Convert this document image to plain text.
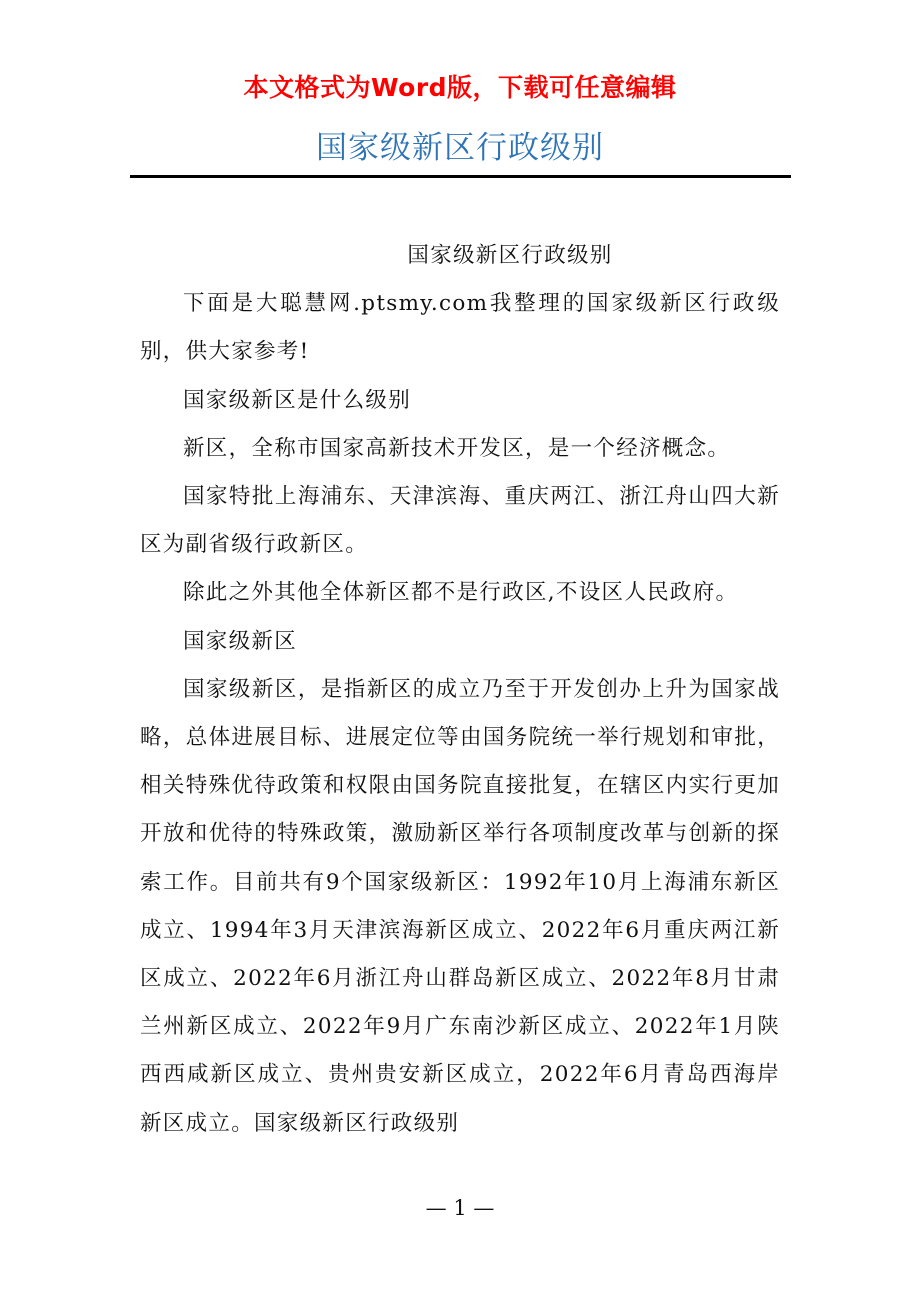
本文格式为Word版，下载可任意编辑
国家级新区行政级别

国家级新区行政级别

下面是大聪慧网.ptsmy.com我整理的国家级新区行政级别，供大家参考!

国家级新区是什么级别

新区，全称市国家高新技术开发区，是一个经济概念。

国家特批上海浦东、天津滨海、重庆两江、浙江舟山四大新区为副省级行政新区。

除此之外其他全体新区都不是行政区,不设区人民政府。

国家级新区

国家级新区，是指新区的成立乃至于开发创办上升为国家战略，总体进展目标、进展定位等由国务院统一举行规划和审批，相关特殊优待政策和权限由国务院直接批复，在辖区内实行更加开放和优待的特殊政策，激励新区举行各项制度改革与创新的探索工作。目前共有9个国家级新区：1992年10月上海浦东新区成立、1994年3月天津滨海新区成立、2022年6月重庆两江新区成立、2022年6月浙江舟山群岛新区成立、2022年8月甘肃兰州新区成立、2022年9月广东南沙新区成立、2022年1月陕西西咸新区成立、贵州贵安新区成立，2022年6月青岛西海岸新区成立。国家级新区行政级别

— 1 —
